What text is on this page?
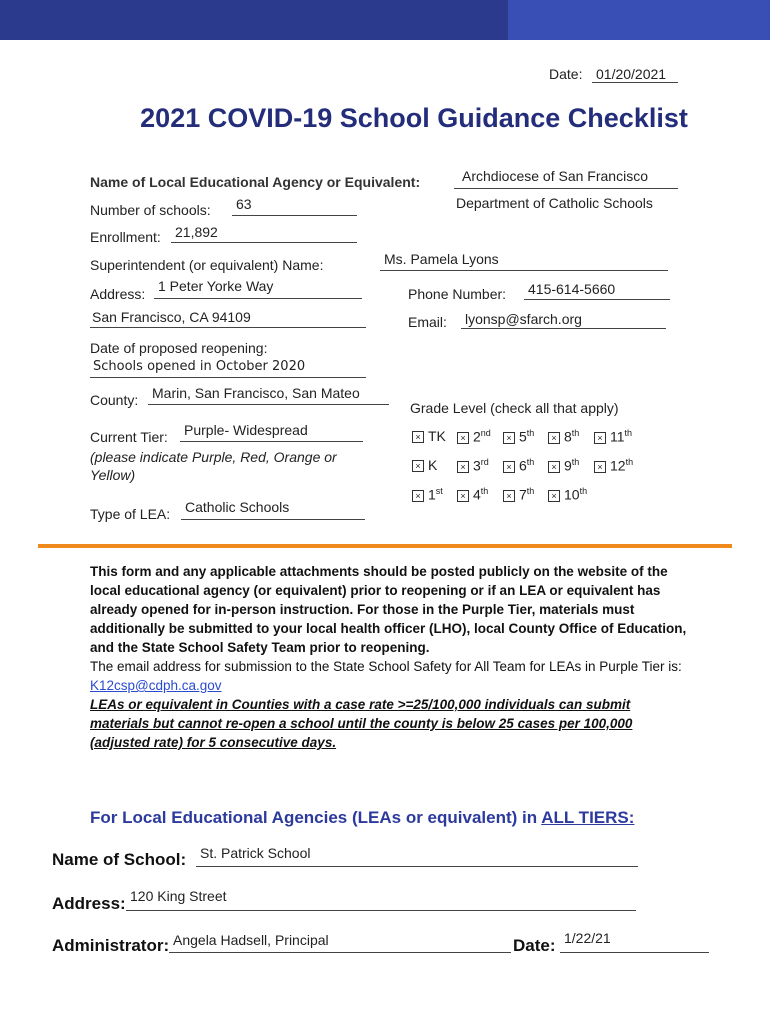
Date: 01/20/2021
2021 COVID-19 School Guidance Checklist
Name of Local Educational Agency or Equivalent:	Archdiocese of San Francisco
Department of Catholic Schools
Number of schools: 63
Enrollment: 21,892
Superintendent (or equivalent) Name:	Ms. Pamela Lyons
Address: 1 Peter Yorke Way
San Francisco, CA 94109
Phone Number: 415-614-5660
Email: lyonsp@sfarch.org
Date of proposed reopening:
Schools opened in October 2020
County: Marin, San Francisco, San Mateo
Grade Level (check all that apply)
Current Tier: Purple- Widespread
(please indicate Purple, Red, Orange or
Yellow)
× TK	× 2nd	× 5th	× 8th	× 11th
× K	× 3rd	× 6th	× 9th	× 12th
× 1st	× 4th	× 7th	× 10th
Type of LEA: Catholic Schools
This form and any applicable attachments should be posted publicly on the website of the local educational agency (or equivalent) prior to reopening or if an LEA or equivalent has already opened for in-person instruction. For those in the Purple Tier, materials must additionally be submitted to your local health officer (LHO), local County Office of Education, and the State School Safety Team prior to reopening.
The email address for submission to the State School Safety for All Team for LEAs in Purple Tier is:
K12csp@cdph.ca.gov
LEAs or equivalent in Counties with a case rate >=25/100,000 individuals can submit materials but cannot re-open a school until the county is below 25 cases per 100,000 (adjusted rate) for 5 consecutive days.
For Local Educational Agencies (LEAs or equivalent) in ALL TIERS:
Name of School: St. Patrick School
Address: 120 King Street
Administrator: Angela Hadsell, Principal	Date: 1/22/21
